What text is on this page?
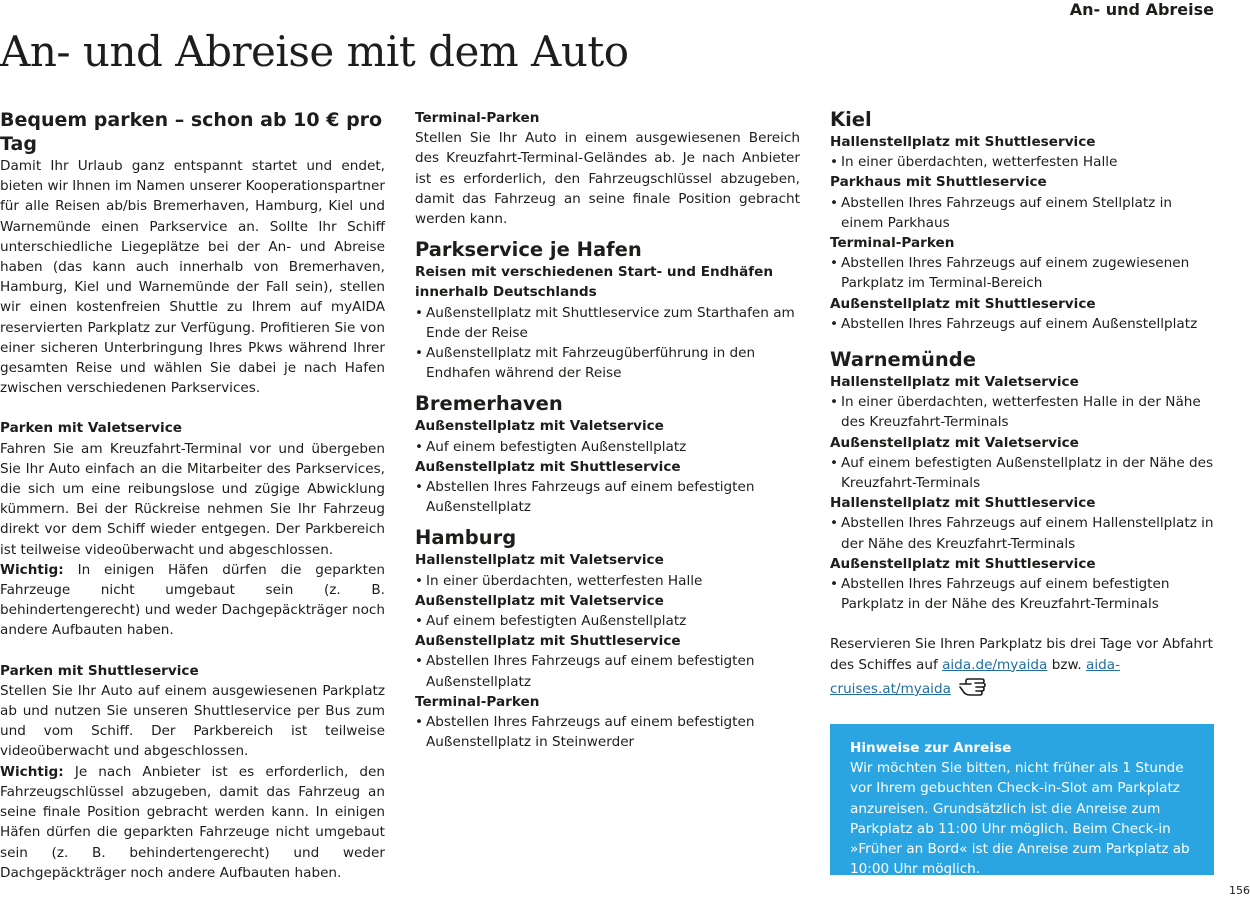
An- und Abreise
An- und Abreise mit dem Auto
Bequem parken – schon ab 10 € pro Tag

Damit Ihr Urlaub ganz entspannt startet und endet, bieten wir Ihnen im Namen unserer Kooperationspartner für alle Reisen ab/bis Bremerhaven, Hamburg, Kiel und Warnemünde einen Parkservice an. Sollte Ihr Schiff unterschiedliche Liegeplätze bei der An- und Abreise haben (das kann auch innerhalb von Bremerhaven, Hamburg, Kiel und Warnemünde der Fall sein), stellen wir einen kostenfreien Shuttle zu Ihrem auf myAIDA reservierten Parkplatz zur Verfügung. Profitieren Sie von einer sicheren Unterbringung Ihres Pkws während Ihrer gesamten Reise und wählen Sie dabei je nach Hafen zwischen verschiedenen Parkservices.

Parken mit Valetservice

Fahren Sie am Kreuzfahrt-Terminal vor und übergeben Sie Ihr Auto einfach an die Mitarbeiter des Parkservices, die sich um eine reibungslose und zügige Abwicklung kümmern. Bei der Rückreise nehmen Sie Ihr Fahrzeug direkt vor dem Schiff wieder entgegen. Der Parkbereich ist teilweise videoüberwacht und abgeschlossen.

Wichtig: In einigen Häfen dürfen die geparkten Fahrzeuge nicht umgebaut sein (z. B. behindertengerecht) und weder Dachgepäckträger noch andere Aufbauten haben.

Parken mit Shuttleservice

Stellen Sie Ihr Auto auf einem ausgewiesenen Parkplatz ab und nutzen Sie unseren Shuttleservice per Bus zum und vom Schiff. Der Parkbereich ist teilweise videoüberwacht und abgeschlossen.

Wichtig: Je nach Anbieter ist es erforderlich, den Fahrzeugschlüssel abzugeben, damit das Fahrzeug an seine finale Position gebracht werden kann. In einigen Häfen dürfen die geparkten Fahrzeuge nicht umgebaut sein (z. B. behindertengerecht) und weder Dachgepäckträger noch andere Aufbauten haben.

Terminal-Parken

Stellen Sie Ihr Auto in einem ausgewiesenen Bereich des Kreuzfahrt-Terminal-Geländes ab. Je nach Anbieter ist es erforderlich, den Fahrzeugschlüssel abzugeben, damit das Fahrzeug an seine finale Position gebracht werden kann.

Parkservice je Hafen
Reisen mit verschiedenen Start- und Endhäfen innerhalb Deutschlands
• Außenstellplatz mit Shuttleservice zum Starthafen am Ende der Reise
• Außenstellplatz mit Fahrzeugüberführung in den Endhafen während der Reise
Bremerhaven
Außenstellplatz mit Valetservice
• Auf einem befestigten Außenstellplatz
Außenstellplatz mit Shuttleservice
• Abstellen Ihres Fahrzeugs auf einem befestigten Außenstellplatz
Hamburg
Hallenstellplatz mit Valetservice
• In einer überdachten, wetterfesten Halle
Außenstellplatz mit Valetservice
• Auf einem befestigten Außenstellplatz
Außenstellplatz mit Shuttleservice
• Abstellen Ihres Fahrzeugs auf einem befestigten Außenstellplatz
Terminal-Parken
• Abstellen Ihres Fahrzeugs auf einem befestigten Außenstellplatz in Steinwerder
Kiel
Hallenstellplatz mit Shuttleservice
• In einer überdachten, wetterfesten Halle
Parkhaus mit Shuttleservice
• Abstellen Ihres Fahrzeugs auf einem Stellplatz in einem Parkhaus
Terminal-Parken
• Abstellen Ihres Fahrzeugs auf einem zugewiesenen Parkplatz im Terminal-Bereich
Außenstellplatz mit Shuttleservice
• Abstellen Ihres Fahrzeugs auf einem Außenstellplatz
Warnemünde
Hallenstellplatz mit Valetservice
• In einer überdachten, wetterfesten Halle in der Nähe des Kreuzfahrt-Terminals
Außenstellplatz mit Valetservice
• Auf einem befestigten Außenstellplatz in der Nähe des Kreuzfahrt-Terminals
Hallenstellplatz mit Shuttleservice
• Abstellen Ihres Fahrzeugs auf einem Hallenstellplatz in der Nähe des Kreuzfahrt-Terminals
Außenstellplatz mit Shuttleservice
• Abstellen Ihres Fahrzeugs auf einem befestigten Parkplatz in der Nähe des Kreuzfahrt-Terminals

Reservieren Sie Ihren Parkplatz bis drei Tage vor Abfahrt des Schiffes auf aida.de/myaida bzw. aida-cruises.at/myaida

Hinweise zur Anreise
Wir möchten Sie bitten, nicht früher als 1 Stunde vor Ihrem gebuchten Check-in-Slot am Parkplatz anzureisen. Grundsätzlich ist die Anreise zum Parkplatz ab 11:00 Uhr möglich. Beim Check-in »Früher an Bord« ist die Anreise zum Parkplatz ab 10:00 Uhr möglich.
156
